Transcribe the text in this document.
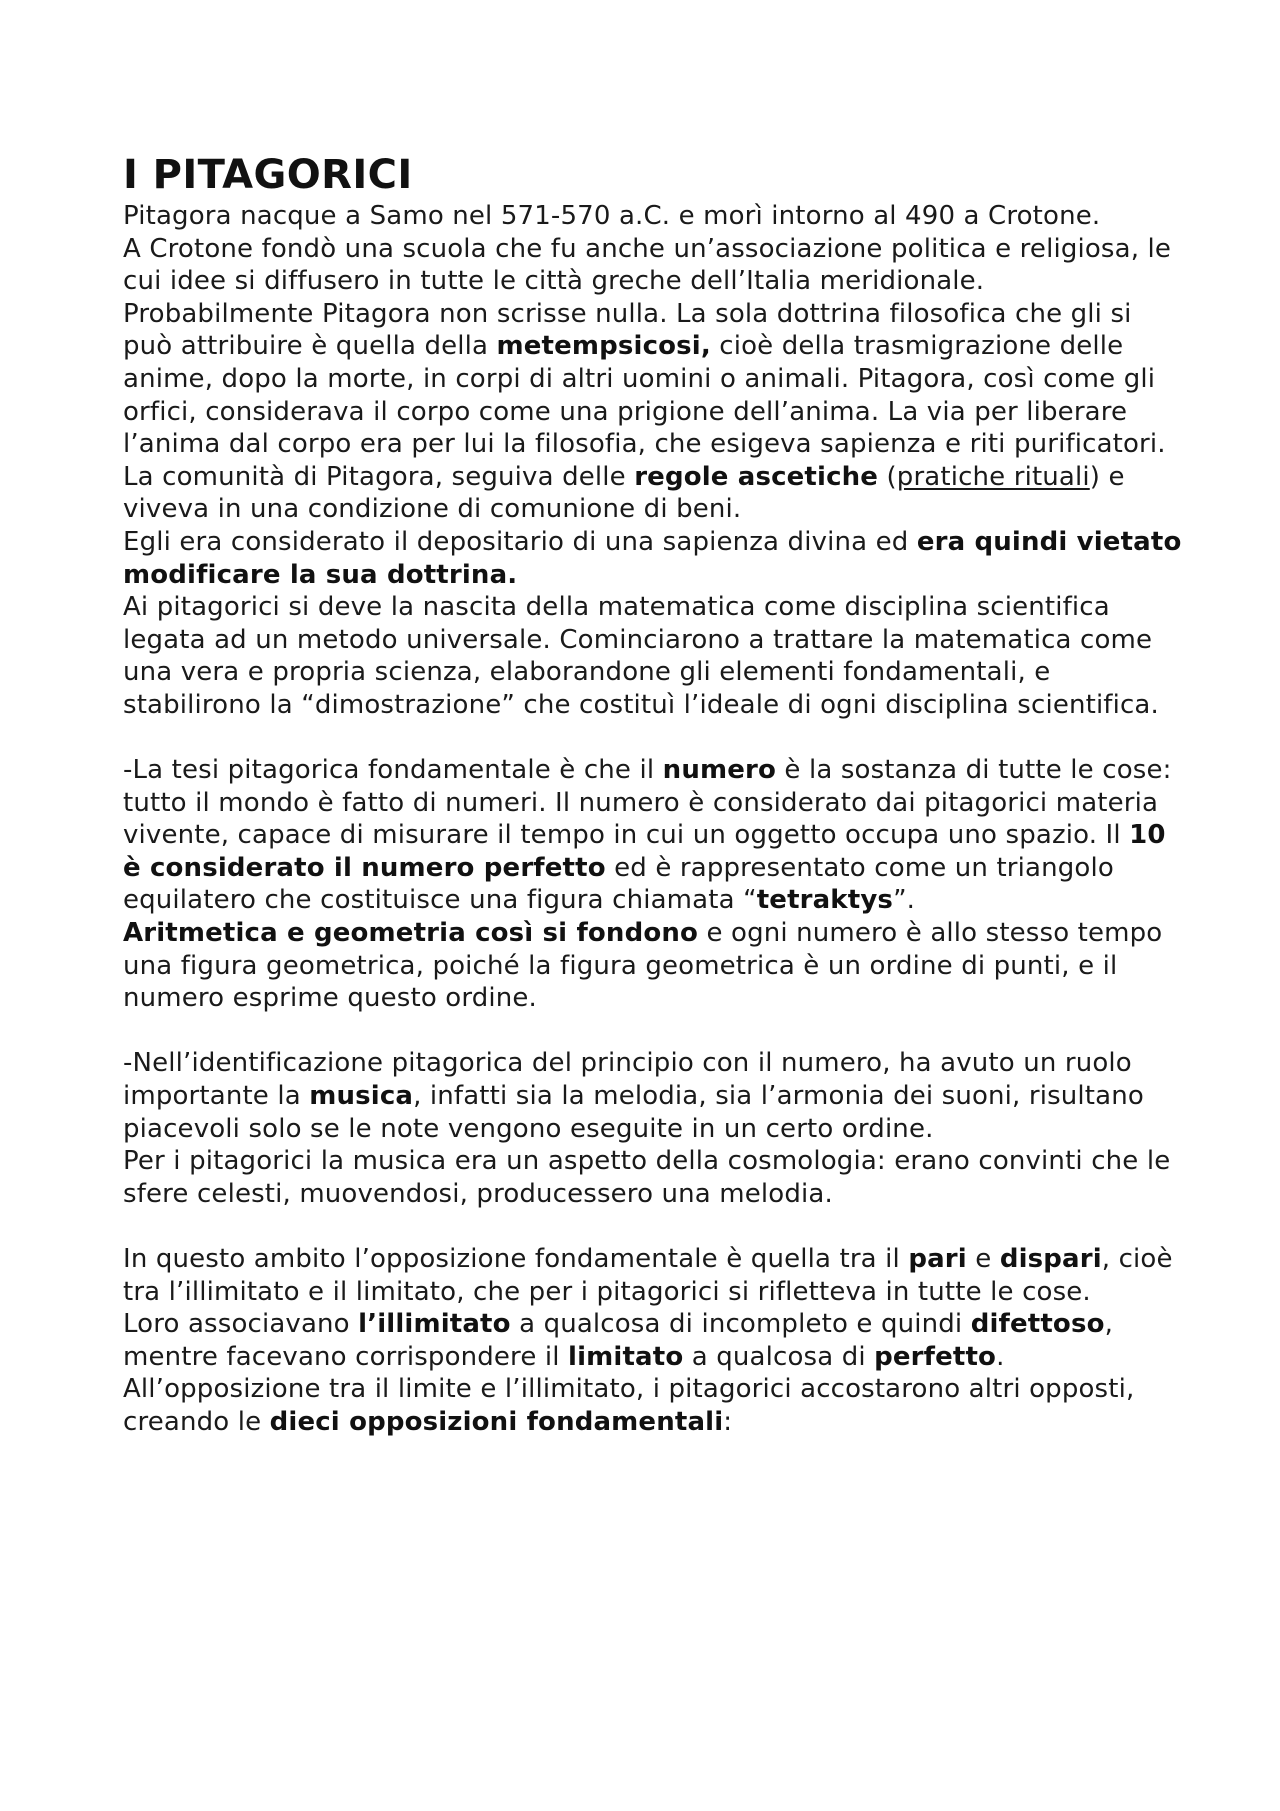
I PITAGORICI

Pitagora nacque a Samo nel 571-570 a.C. e morì intorno al 490 a Crotone.

A Crotone fondò una scuola che fu anche un’associazione politica e religiosa, le cui idee si diffusero in tutte le città greche dell’Italia meridionale.

Probabilmente Pitagora non scrisse nulla. La sola dottrina filosofica che gli si può attribuire è quella della metempsicosi, cioè della trasmigrazione delle anime, dopo la morte, in corpi di altri uomini o animali. Pitagora, così come gli orfici, considerava il corpo come una prigione dell’anima. La via per liberare l’anima dal corpo era per lui la filosofia, che esigeva sapienza e riti purificatori.

La comunità di Pitagora, seguiva delle regole ascetiche (pratiche rituali) e viveva in una condizione di comunione di beni.

Egli era considerato il depositario di una sapienza divina ed era quindi vietato modificare la sua dottrina.

Ai pitagorici si deve la nascita della matematica come disciplina scientifica legata ad un metodo universale. Cominciarono a trattare la matematica come una vera e propria scienza, elaborandone gli elementi fondamentali, e stabilirono la “dimostrazione” che costituì l’ideale di ogni disciplina scientifica.

-La tesi pitagorica fondamentale è che il numero è la sostanza di tutte le cose: tutto il mondo è fatto di numeri. Il numero è considerato dai pitagorici materia vivente, capace di misurare il tempo in cui un oggetto occupa uno spazio. Il 10 è considerato il numero perfetto ed è rappresentato come un triangolo equilatero che costituisce una figura chiamata “tetraktys”.

Aritmetica e geometria così si fondono e ogni numero è allo stesso tempo una figura geometrica, poiché la figura geometrica è un ordine di punti, e il numero esprime questo ordine.

-Nell’identificazione pitagorica del principio con il numero, ha avuto un ruolo importante la musica, infatti sia la melodia, sia l’armonia dei suoni, risultano piacevoli solo se le note vengono eseguite in un certo ordine.

Per i pitagorici la musica era un aspetto della cosmologia: erano convinti che le sfere celesti, muovendosi, producessero una melodia.

In questo ambito l’opposizione fondamentale è quella tra il pari e dispari, cioè tra l’illimitato e il limitato, che per i pitagorici si rifletteva in tutte le cose.

Loro associavano l’illimitato a qualcosa di incompleto e quindi difettoso, mentre facevano corrispondere il limitato a qualcosa di perfetto.

All’opposizione tra il limite e l’illimitato, i pitagorici accostarono altri opposti, creando le dieci opposizioni fondamentali:
